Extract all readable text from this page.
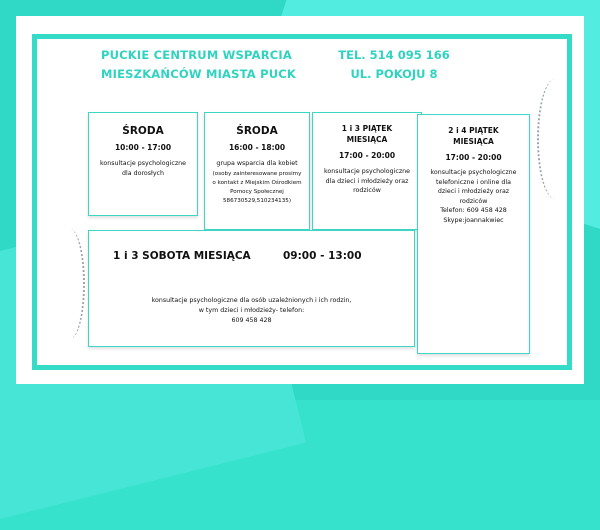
PUCKIE CENTRUM WSPARCIA
MIESZKAŃCÓW MIASTA PUCK
TEL. 514 095 166
UL. POKOJU 8
ŚRODA
10:00 - 17:00
konsultacje psychologiczne
dla dorosłych
ŚRODA
16:00 - 18:00
grupa wsparcia dla kobiet
(osoby zainteresowane prosimy
o kontakt z Miejskim Ośrodkiem
Pomocy Społecznej
586730529,510234135)
1 i 3 PIĄTEK
MIESIĄCA
17:00 - 20:00
konsultacje psychologiczne
dla dzieci i młodzieży oraz
rodziców
2 i 4 PIĄTEK
MIESIĄCA
17:00 - 20:00
konsultacje psychologiczne
telefoniczne i online dla
dzieci i młodzieży oraz
rodziców
Telefon: 609 458 428
Skype:joannakwiec
1 i 3 SOBOTA MIESIĄCA	09:00 - 13:00
konsultacje psychologiczne dla osób uzależnionych i ich rodzin,
w tym dzieci i młodzieży- telefon:
609 458 428
